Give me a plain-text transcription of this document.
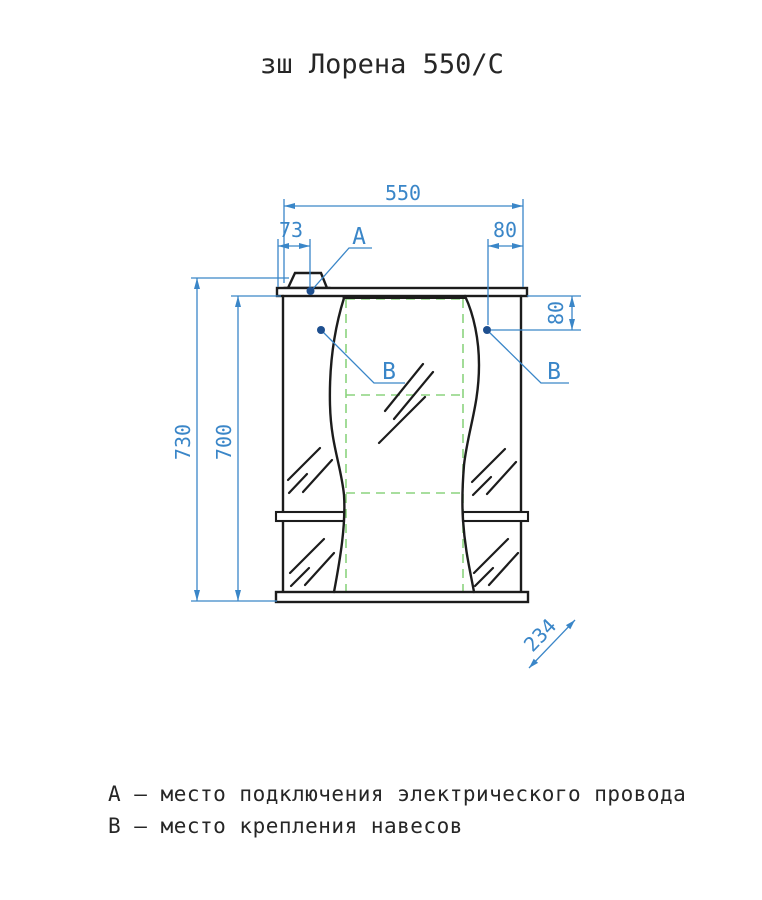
550
73	80
80
730 700
234
А
В	В
зш Лорена 550/С
А – место подключения электрического провода
В – место крепления навесов
